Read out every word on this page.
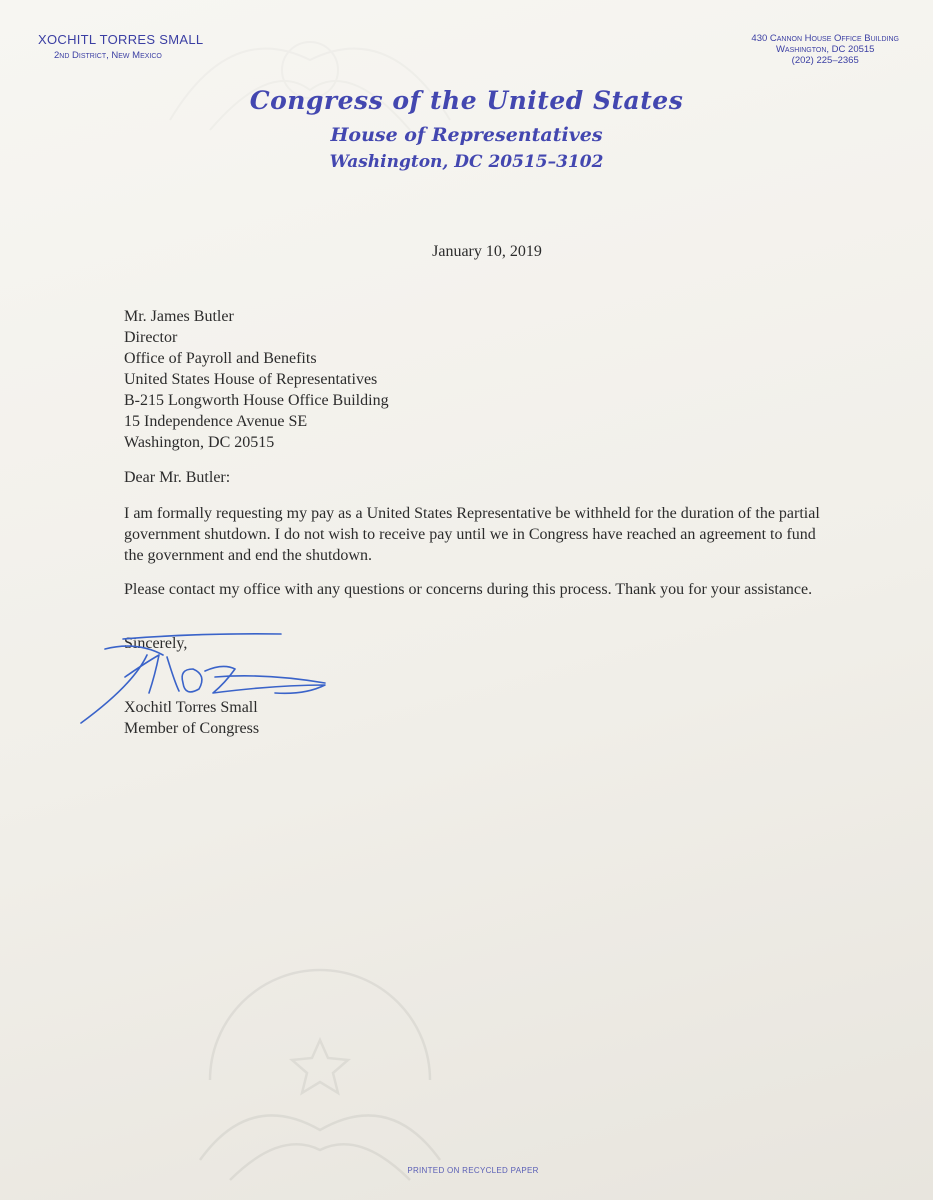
XOCHITL TORRES SMALL
2nd District, New Mexico
430 Cannon House Office Building
Washington, DC 20515
(202) 225–2365
Congress of the United States
House of Representatives
Washington, DC 20515–3102
January 10, 2019
Mr. James Butler
Director
Office of Payroll and Benefits
United States House of Representatives
B-215 Longworth House Office Building
15 Independence Avenue SE
Washington, DC 20515
Dear Mr. Butler:
I am formally requesting my pay as a United States Representative be withheld for the duration of the partial government shutdown. I do not wish to receive pay until we in Congress have reached an agreement to fund the government and end the shutdown.
Please contact my office with any questions or concerns during this process. Thank you for your assistance.
Sincerely,
Xochitl Torres Small
Member of Congress
PRINTED ON RECYCLED PAPER
